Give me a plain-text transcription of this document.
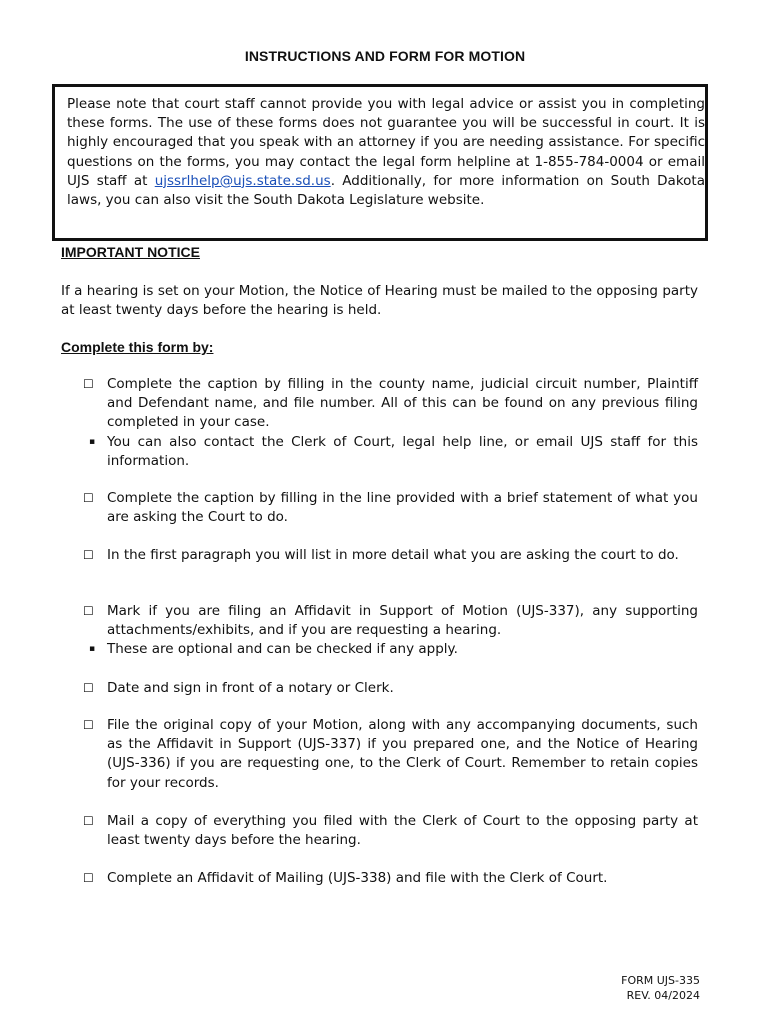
INSTRUCTIONS AND FORM FOR MOTION

Please note that court staff cannot provide you with legal advice or assist you in completing these forms. The use of these forms does not guarantee you will be successful in court. It is highly encouraged that you speak with an attorney if you are needing assistance. For specific questions on the forms, you may contact the legal form helpline at 1-855-784-0004 or email UJS staff at ujssrlhelp@ujs.state.sd.us. Additionally, for more information on South Dakota laws, you can also visit the South Dakota Legislature website.

IMPORTANT NOTICE
If a hearing is set on your Motion, the Notice of Hearing must be mailed to the opposing party at least twenty days before the hearing is held.
Complete this form by:
☐ Complete the caption by filling in the county name, judicial circuit number, Plaintiff and Defendant name, and file number. All of this can be found on any previous filing completed in your case.
▪ You can also contact the Clerk of Court, legal help line, or email UJS staff for this information.
☐ Complete the caption by filling in the line provided with a brief statement of what you are asking the Court to do.
☐ In the first paragraph you will list in more detail what you are asking the court to do.
☐ Mark if you are filing an Affidavit in Support of Motion (UJS-337), any supporting attachments/exhibits, and if you are requesting a hearing.
▪ These are optional and can be checked if any apply.
☐ Date and sign in front of a notary or Clerk.
☐ File the original copy of your Motion, along with any accompanying documents, such as the Affidavit in Support (UJS-337) if you prepared one, and the Notice of Hearing (UJS-336) if you are requesting one, to the Clerk of Court. Remember to retain copies for your records.
☐ Mail a copy of everything you filed with the Clerk of Court to the opposing party at least twenty days before the hearing.
☐ Complete an Affidavit of Mailing (UJS-338) and file with the Clerk of Court.
FORM UJS-335
REV. 04/2024
